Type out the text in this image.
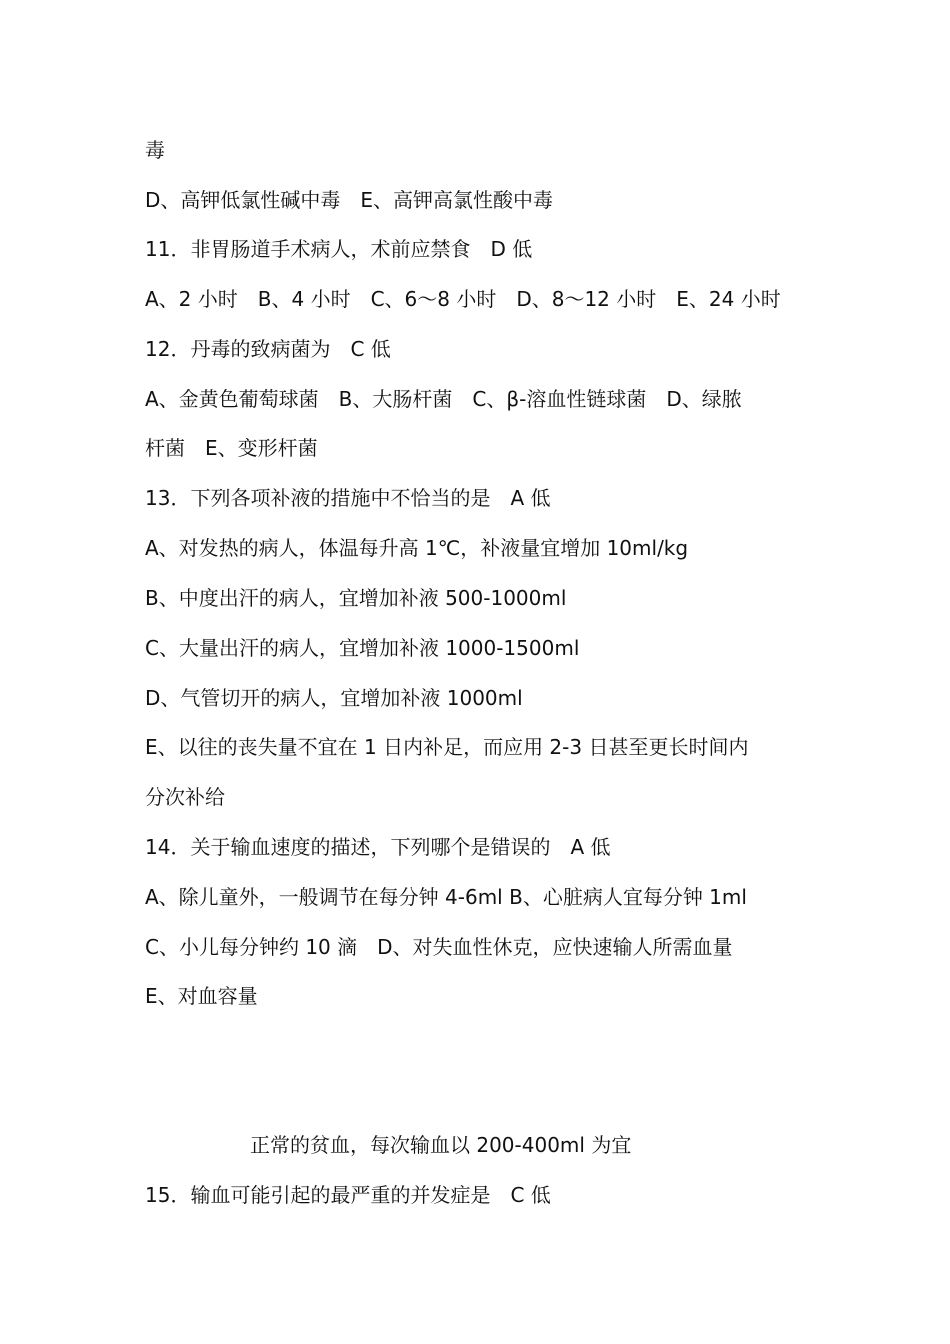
毒
D、高钾低氯性碱中毒　E、高钾高氯性酸中毒
11．非胃肠道手术病人，术前应禁食　D 低
A、2 小时　B、4 小时　C、6～8 小时　D、8～12 小时　E、24 小时
12．丹毒的致病菌为　C 低
A、金黄色葡萄球菌　B、大肠杆菌　C、β-溶血性链球菌　D、绿脓
杆菌　E、变形杆菌
13．下列各项补液的措施中不恰当的是　A 低
A、对发热的病人，体温每升高 1℃，补液量宜增加 10ml/kg
B、中度出汗的病人，宜增加补液 500-1000ml
C、大量出汗的病人，宜增加补液 1000-1500ml
D、气管切开的病人，宜增加补液 1000ml
E、以往的丧失量不宜在 1 日内补足，而应用 2-3 日甚至更长时间内
分次补给
14．关于输血速度的描述，下列哪个是错误的　A 低
A、除儿童外，一般调节在每分钟 4-6ml B、心脏病人宜每分钟 1ml
C、小儿每分钟约 10 滴　D、对失血性休克，应快速输人所需血量
E、对血容量
正常的贫血，每次输血以 200-400ml 为宜
15．输血可能引起的最严重的并发症是　C 低
